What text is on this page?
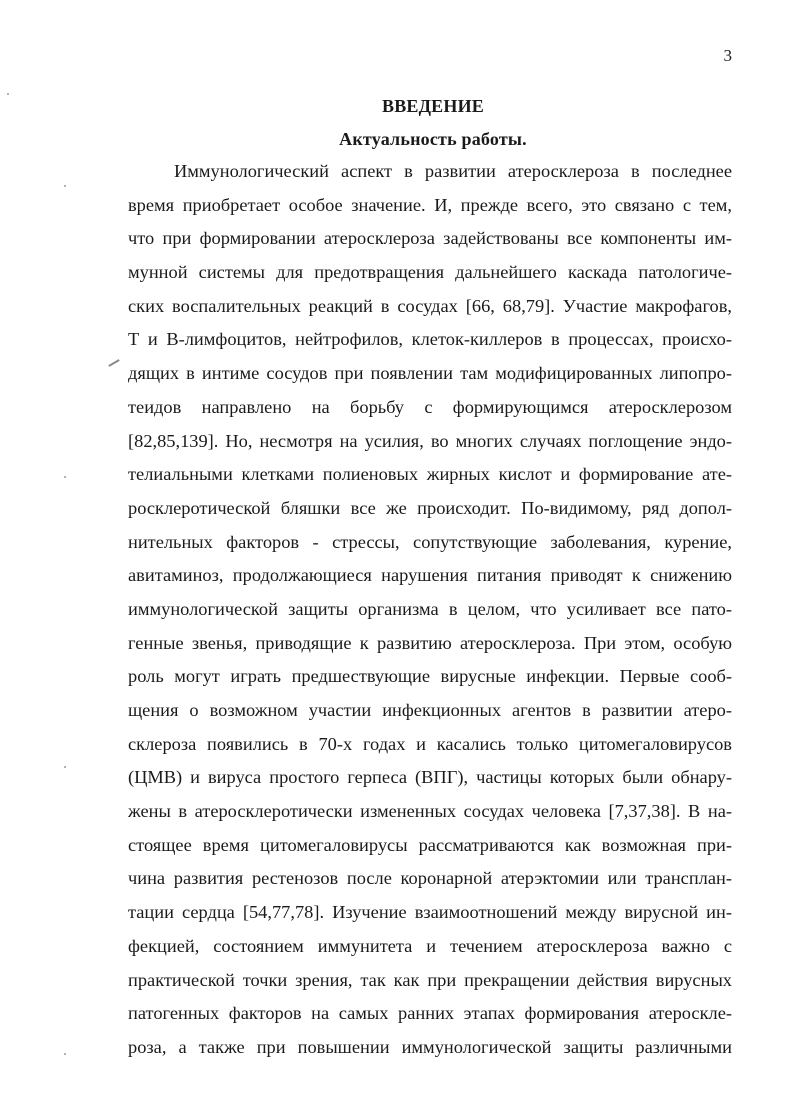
3
ВВЕДЕНИЕ
Актуальность работы.
Иммунологический аспект в развитии атеросклероза в последнее
время приобретает особое значение. И, прежде всего, это связано с тем,
что при формировании атеросклероза задействованы все компоненты им-
мунной системы для предотвращения дальнейшего каскада патологиче-
ских воспалительных реакций в сосудах [66, 68,79]. Участие макрофагов,
Т и В-лимфоцитов, нейтрофилов, клеток-киллеров в процессах, происхо-
дящих в интиме сосудов при появлении там модифицированных липопро-
теидов направлено на борьбу с формирующимся атеросклерозом
[82,85,139]. Но, несмотря на усилия, во многих случаях поглощение эндо-
телиальными клетками полиеновых жирных кислот и формирование ате-
росклеротической бляшки все же происходит. По-видимому, ряд допол-
нительных факторов - стрессы, сопутствующие заболевания, курение,
авитаминоз, продолжающиеся нарушения питания приводят к снижению
иммунологической защиты организма в целом, что усиливает все пато-
генные звенья, приводящие к развитию атеросклероза. При этом, особую
роль могут играть предшествующие вирусные инфекции. Первые сооб-
щения о возможном участии инфекционных агентов в развитии атеро-
склероза появились в 70-х годах и касались только цитомегаловирусов
(ЦМВ) и вируса простого герпеса (ВПГ), частицы которых были обнару-
жены в атеросклеротически измененных сосудах человека [7,37,38]. В на-
стоящее время цитомегаловирусы рассматриваются как возможная при-
чина развития рестенозов после коронарной атерэктомии или трансплан-
тации сердца [54,77,78]. Изучение взаимоотношений между вирусной ин-
фекцией, состоянием иммунитета и течением атеросклероза важно с
практической точки зрения, так как при прекращении действия вирусных
патогенных факторов на самых ранних этапах формирования атероскле-
роза, а также при повышении иммунологической защиты различными
